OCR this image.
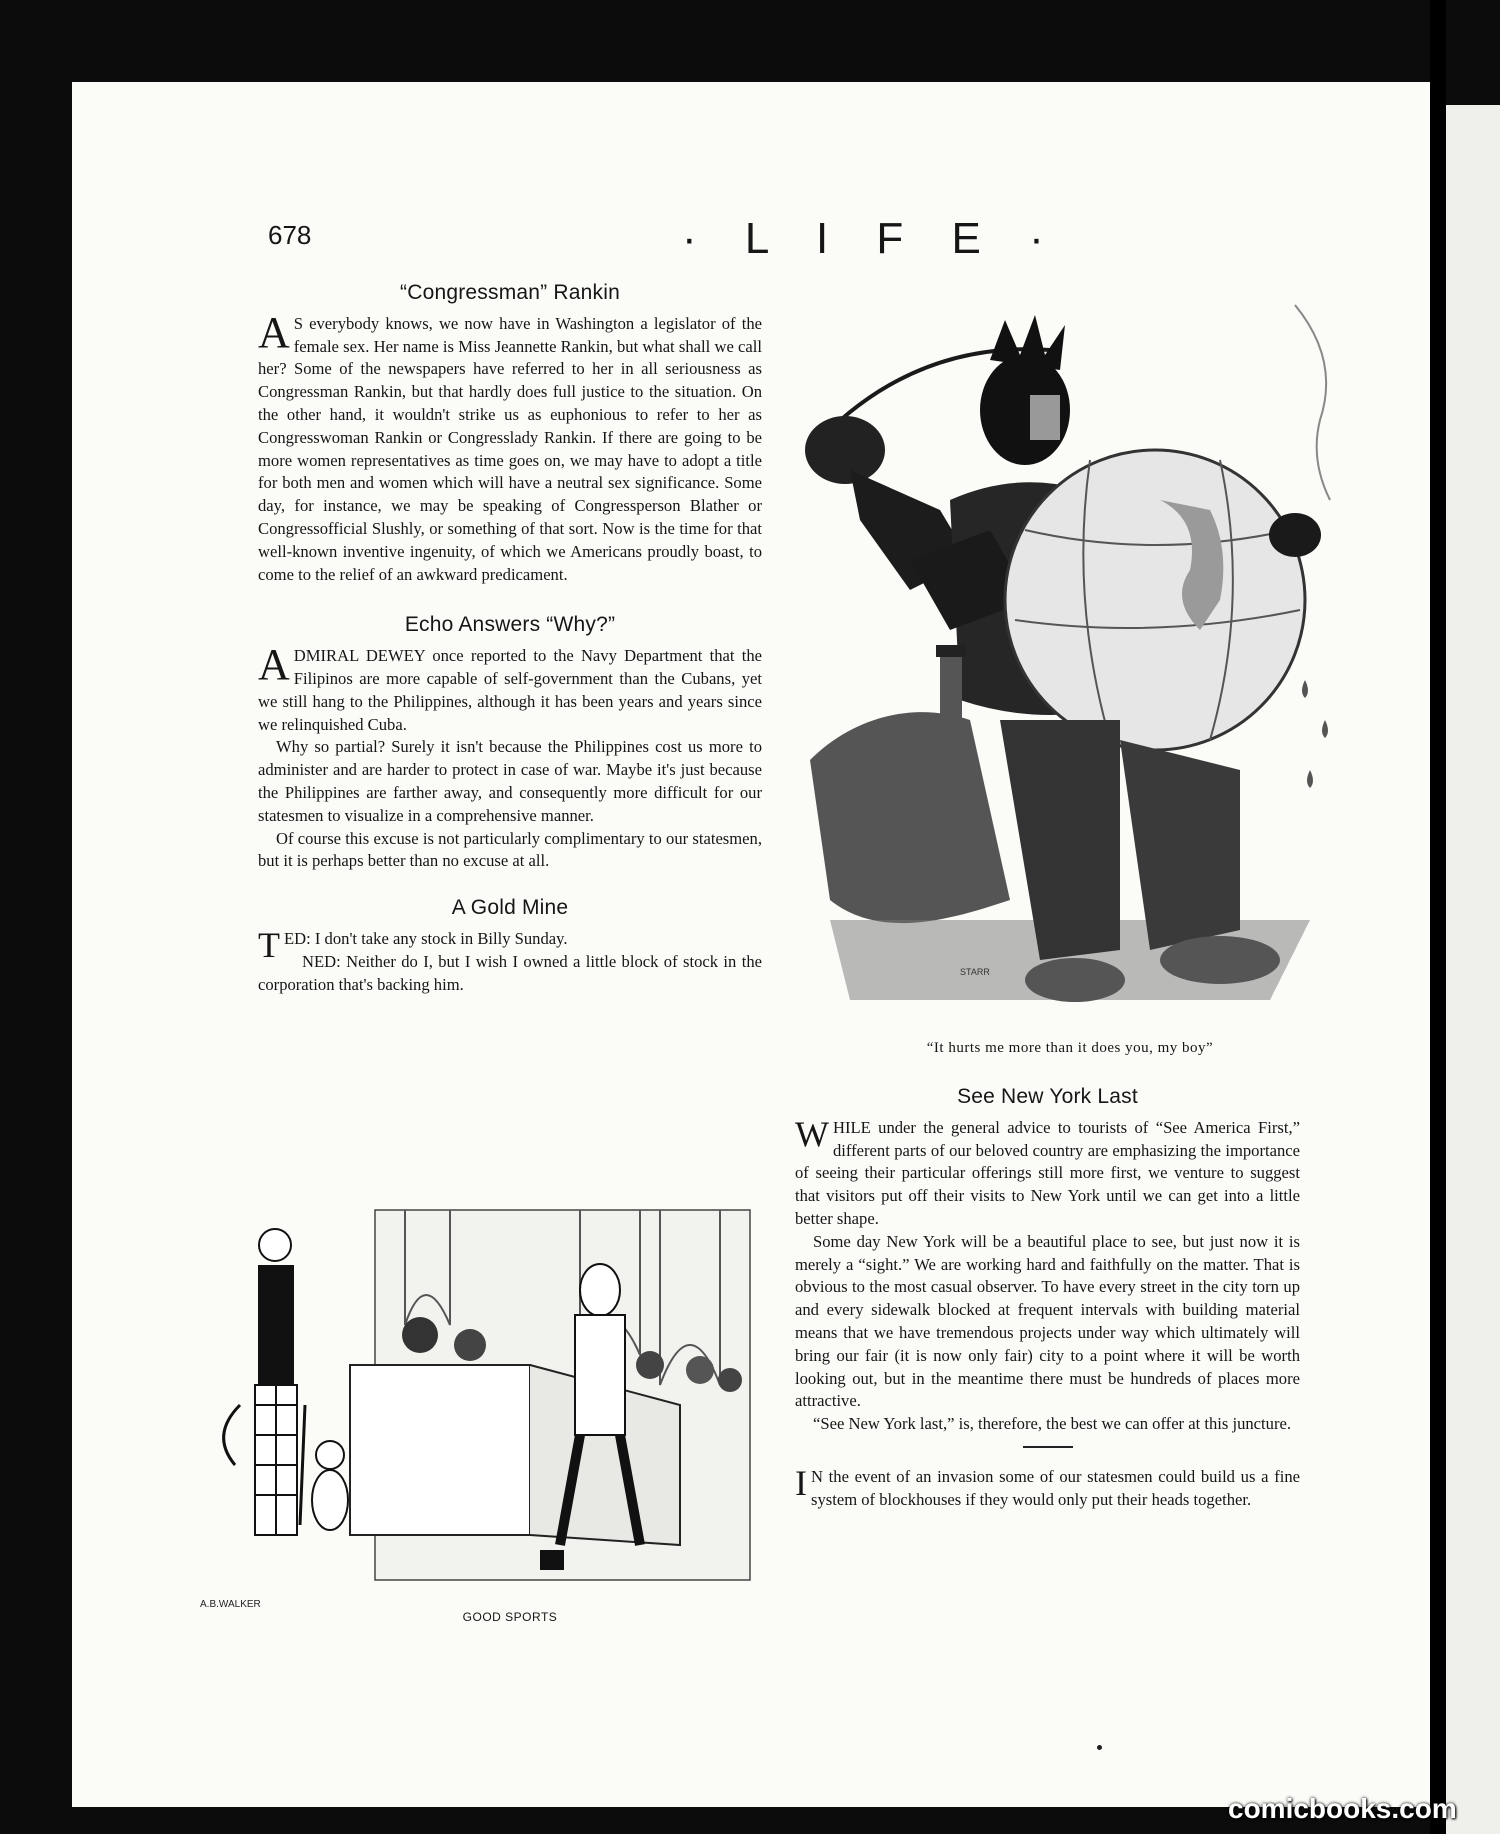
678	· L I F E ·
“Congressman” Rankin

A S everybody knows, we now have in Washington a legislator of the female sex. Her name is Miss Jeannette Rankin, but what shall we call her? Some of the newspapers have referred to her in all seriousness as Congressman Rankin, but that hardly does full justice to the situation. On the other hand, it wouldn't strike us as euphonious to refer to her as Congresswoman Rankin or Congresslady Rankin. If there are going to be more women representatives as time goes on, we may have to adopt a title for both men and women which will have a neutral sex significance. Some day, for instance, we may be speaking of Congressperson Blather or Congressofficial Slushly, or something of that sort. Now is the time for that well-known inventive ingenuity, of which we Americans proudly boast, to come to the relief of an awkward predicament.

Echo Answers “Why?”

ADMIRAL DEWEY once reported to the Navy Department that the Filipinos are more capable of self-government than the Cubans, yet we still hang to the Philippines, although it has been years and years since we relinquished Cuba.

Why so partial? Surely it isn't because the Philippines cost us more to administer and are harder to protect in case of war. Maybe it's just because the Philippines are farther away, and consequently more difficult for our statesmen to visualize in a comprehensive manner.

Of course this excuse is not particularly complimentary to our statesmen, but it is perhaps better than no excuse at all.

A Gold Mine

TED: I don't take any stock in Billy Sunday.

NED: Neither do I, but I wish I owned a little block of stock in the corporation that's backing him.

STARR
“It hurts me more than it does you, my boy”
See New York Last

WHILE under the general advice to tourists of “See America First,” different parts of our beloved country are emphasizing the importance of seeing their particular offerings still more first, we venture to suggest that visitors put off their visits to New York until we can get into a little better shape.

Some day New York will be a beautiful place to see, but just now it is merely a “sight.” We are working hard and faithfully on the matter. That is obvious to the most casual observer. To have every street in the city torn up and every sidewalk blocked at frequent intervals with building material means that we have tremendous projects under way which ultimately will bring our fair (it is now only fair) city to a point where it will be worth looking out, but in the meantime there must be hundreds of places more attractive.

“See New York last,” is, therefore, the best we can offer at this juncture.

I N the event of an invasion some of our statesmen could build us a fine system of blockhouses if they would only put their heads together.

A.B.WALKER
GOOD SPORTS
comicbooks.com
